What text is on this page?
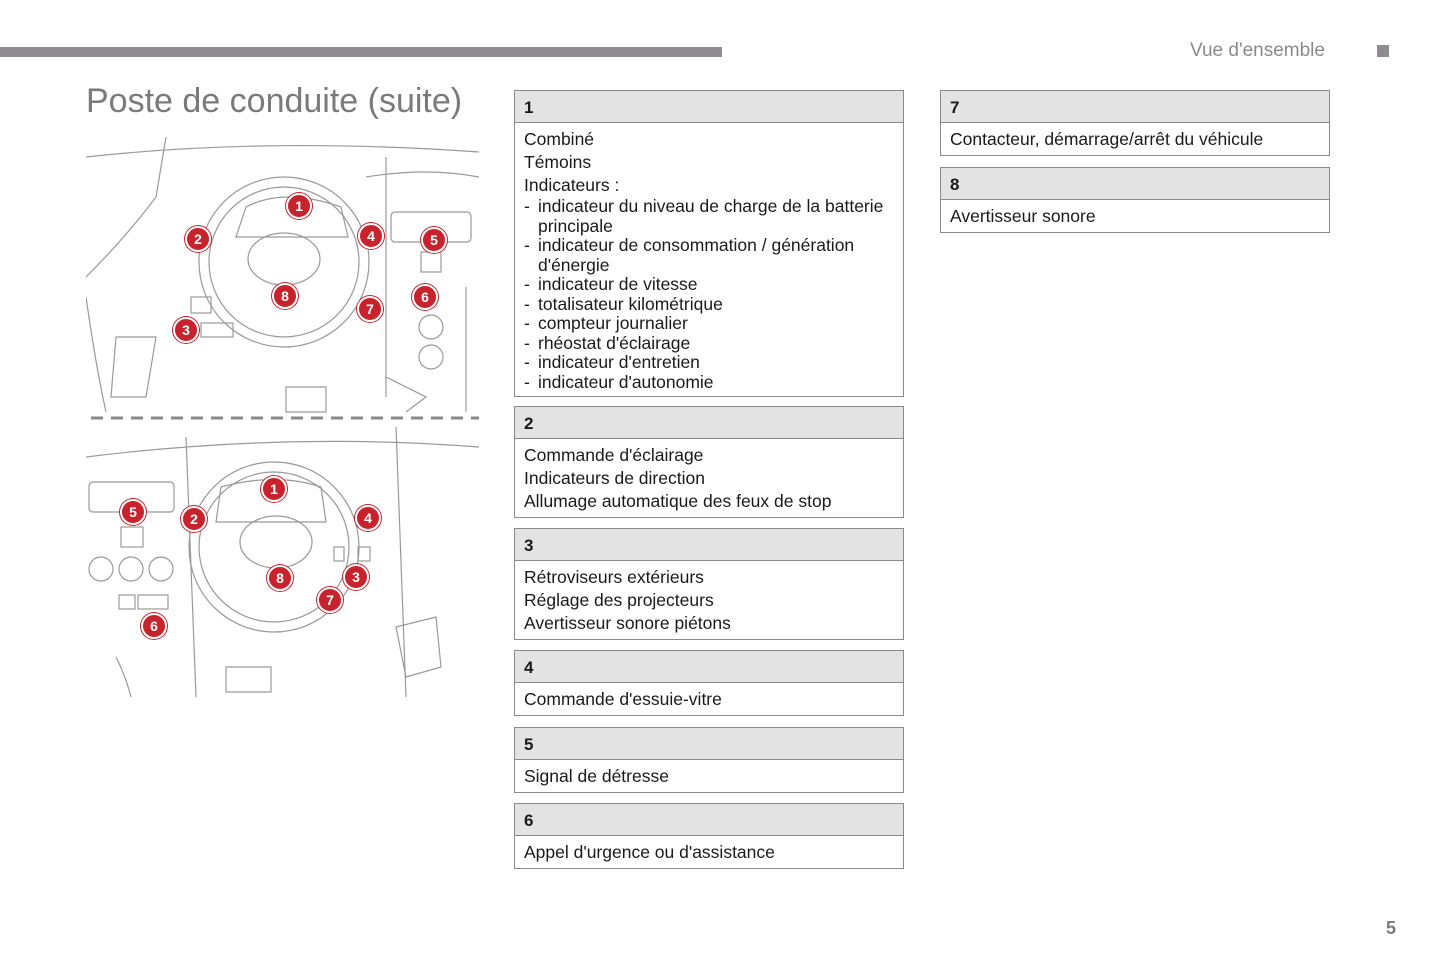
Vue d'ensemble
Poste de conduite (suite)
1
2
3
4	5
6
7
8
1
2
3
4
5
6
7
8
1
Combiné
Témoins
Indicateurs :
- indicateur du niveau de charge de la batterie principale
- indicateur de consommation / génération d'énergie
- indicateur de vitesse
- totalisateur kilométrique
- compteur journalier
- rhéostat d'éclairage
- indicateur d'entretien
- indicateur d'autonomie
2
Commande d'éclairage
Indicateurs de direction
Allumage automatique des feux de stop
3
Rétroviseurs extérieurs
Réglage des projecteurs
Avertisseur sonore piétons
4
Commande d'essuie-vitre
5
Signal de détresse
6
Appel d'urgence ou d'assistance
7
Contacteur, démarrage/arrêt du véhicule
8
Avertisseur sonore
5
